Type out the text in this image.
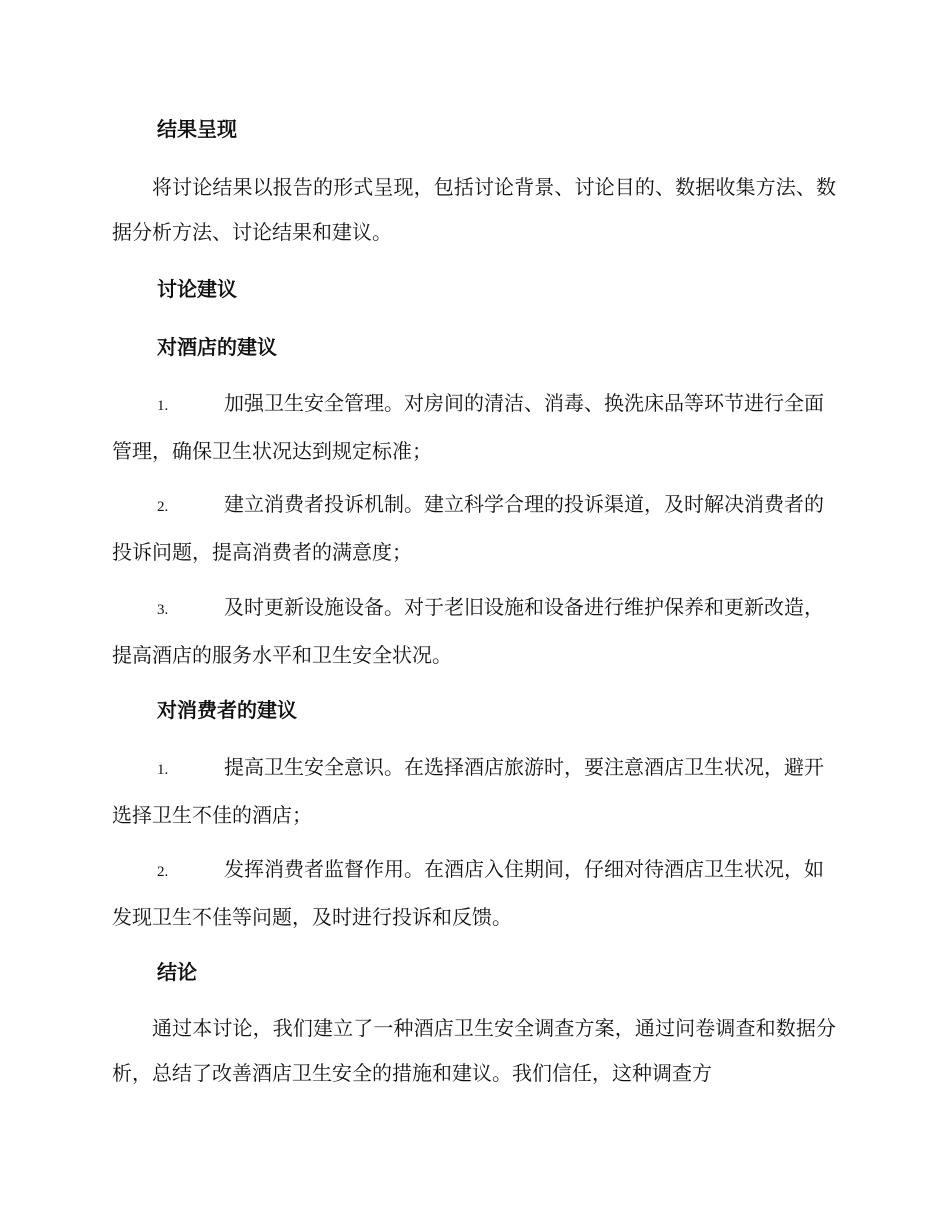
结果呈现

将讨论结果以报告的形式呈现，包括讨论背景、讨论目的、数据收集方法、数据分析方法、讨论结果和建议。

讨论建议
对酒店的建议

1.	加强卫生安全管理。对房间的清洁、消毒、换洗床品等环节进行全面管理，确保卫生状况达到规定标准；

2.	建立消费者投诉机制。建立科学合理的投诉渠道，及时解决消费者的投诉问题，提高消费者的满意度；

3.	及时更新设施设备。对于老旧设施和设备进行维护保养和更新改造，提高酒店的服务水平和卫生安全状况。

对消费者的建议

1.	提高卫生安全意识。在选择酒店旅游时，要注意酒店卫生状况，避开选择卫生不佳的酒店；

2.	发挥消费者监督作用。在酒店入住期间，仔细对待酒店卫生状况，如发现卫生不佳等问题，及时进行投诉和反馈。

结论

通过本讨论，我们建立了一种酒店卫生安全调查方案，通过问卷调查和数据分析，总结了改善酒店卫生安全的措施和建议。我们信任，这种调查方
